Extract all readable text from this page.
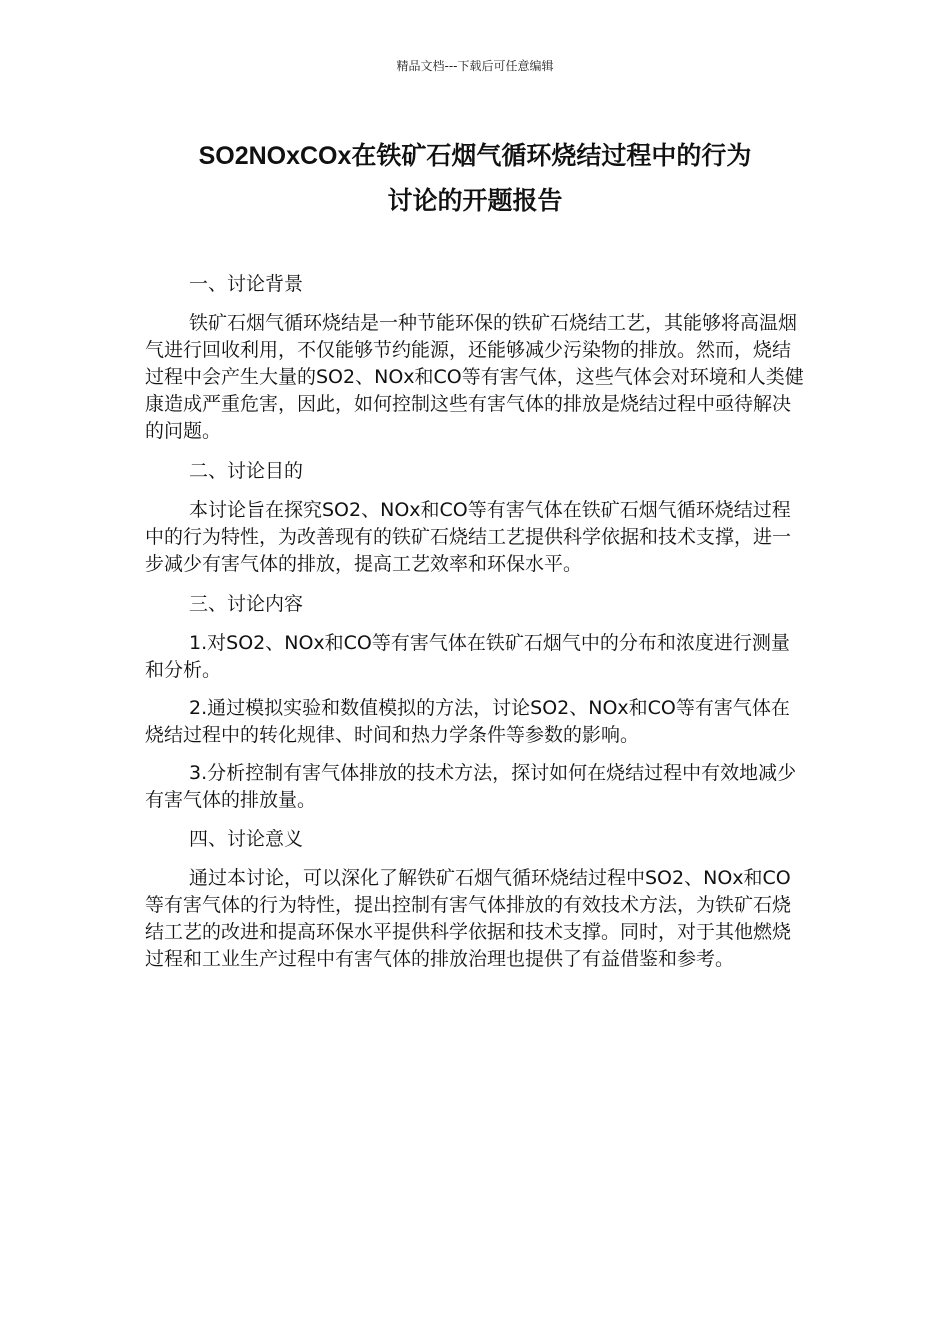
精品文档---下载后可任意编辑
SO2NOxCOx在铁矿石烟气循环烧结过程中的行为
讨论的开题报告
一、讨论背景

铁矿石烟气循环烧结是一种节能环保的铁矿石烧结工艺，其能够将高温烟气进行回收利用，不仅能够节约能源，还能够减少污染物的排放。然而，烧结过程中会产生大量的SO2、NOx和CO等有害气体，这些气体会对环境和人类健康造成严重危害，因此，如何控制这些有害气体的排放是烧结过程中亟待解决的问题。

二、讨论目的

本讨论旨在探究SO2、NOx和CO等有害气体在铁矿石烟气循环烧结过程中的行为特性，为改善现有的铁矿石烧结工艺提供科学依据和技术支撑，进一步减少有害气体的排放，提高工艺效率和环保水平。

三、讨论内容

1.对SO2、NOx和CO等有害气体在铁矿石烟气中的分布和浓度进行测量和分析。

2.通过模拟实验和数值模拟的方法，讨论SO2、NOx和CO等有害气体在烧结过程中的转化规律、时间和热力学条件等参数的影响。

3.分析控制有害气体排放的技术方法，探讨如何在烧结过程中有效地减少有害气体的排放量。

四、讨论意义

通过本讨论，可以深化了解铁矿石烟气循环烧结过程中SO2、NOx和CO等有害气体的行为特性，提出控制有害气体排放的有效技术方法，为铁矿石烧结工艺的改进和提高环保水平提供科学依据和技术支撑。同时，对于其他燃烧过程和工业生产过程中有害气体的排放治理也提供了有益借鉴和参考。
